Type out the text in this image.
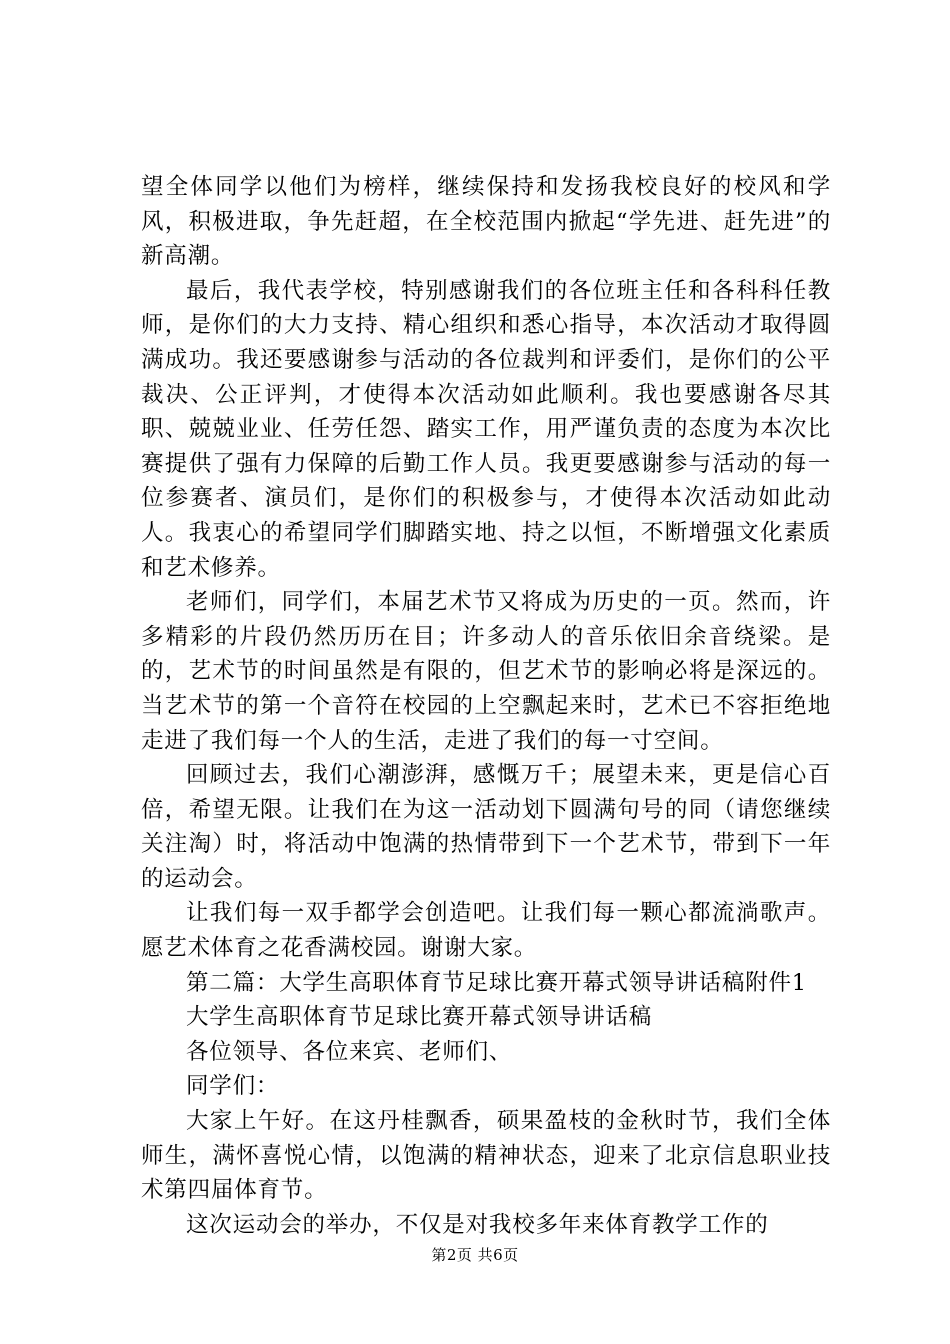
望全体同学以他们为榜样，继续保持和发扬我校良好的校风和学风，积极进取，争先赶超，在全校范围内掀起“学先进、赶先进”的新高潮。

最后，我代表学校，特别感谢我们的各位班主任和各科科任教师，是你们的大力支持、精心组织和悉心指导，本次活动才取得圆满成功。我还要感谢参与活动的各位裁判和评委们，是你们的公平裁决、公正评判，才使得本次活动如此顺利。我也要感谢各尽其职、兢兢业业、任劳任怨、踏实工作，用严谨负责的态度为本次比赛提供了强有力保障的后勤工作人员。我更要感谢参与活动的每一位参赛者、演员们，是你们的积极参与，才使得本次活动如此动人。我衷心的希望同学们脚踏实地、持之以恒，不断增强文化素质和艺术修养。

老师们，同学们，本届艺术节又将成为历史的一页。然而，许多精彩的片段仍然历历在目；许多动人的音乐依旧余音绕梁。是的，艺术节的时间虽然是有限的，但艺术节的影响必将是深远的。当艺术节的第一个音符在校园的上空飘起来时，艺术已不容拒绝地走进了我们每一个人的生活，走进了我们的每一寸空间。

回顾过去，我们心潮澎湃，感慨万千；展望未来，更是信心百倍，希望无限。让我们在为这一活动划下圆满句号的同（请您继续关注淘）时，将活动中饱满的热情带到下一个艺术节，带到下一年的运动会。

让我们每一双手都学会创造吧。让我们每一颗心都流淌歌声。愿艺术体育之花香满校园。谢谢大家。

第二篇：大学生高职体育节足球比赛开幕式领导讲话稿附件1

大学生高职体育节足球比赛开幕式领导讲话稿

各位领导、各位来宾、老师们、

同学们：

大家上午好。在这丹桂飘香，硕果盈枝的金秋时节，我们全体师生，满怀喜悦心情，以饱满的精神状态，迎来了北京信息职业技术第四届体育节。

这次运动会的举办，不仅是对我校多年来体育教学工作的

第2页 共6页
